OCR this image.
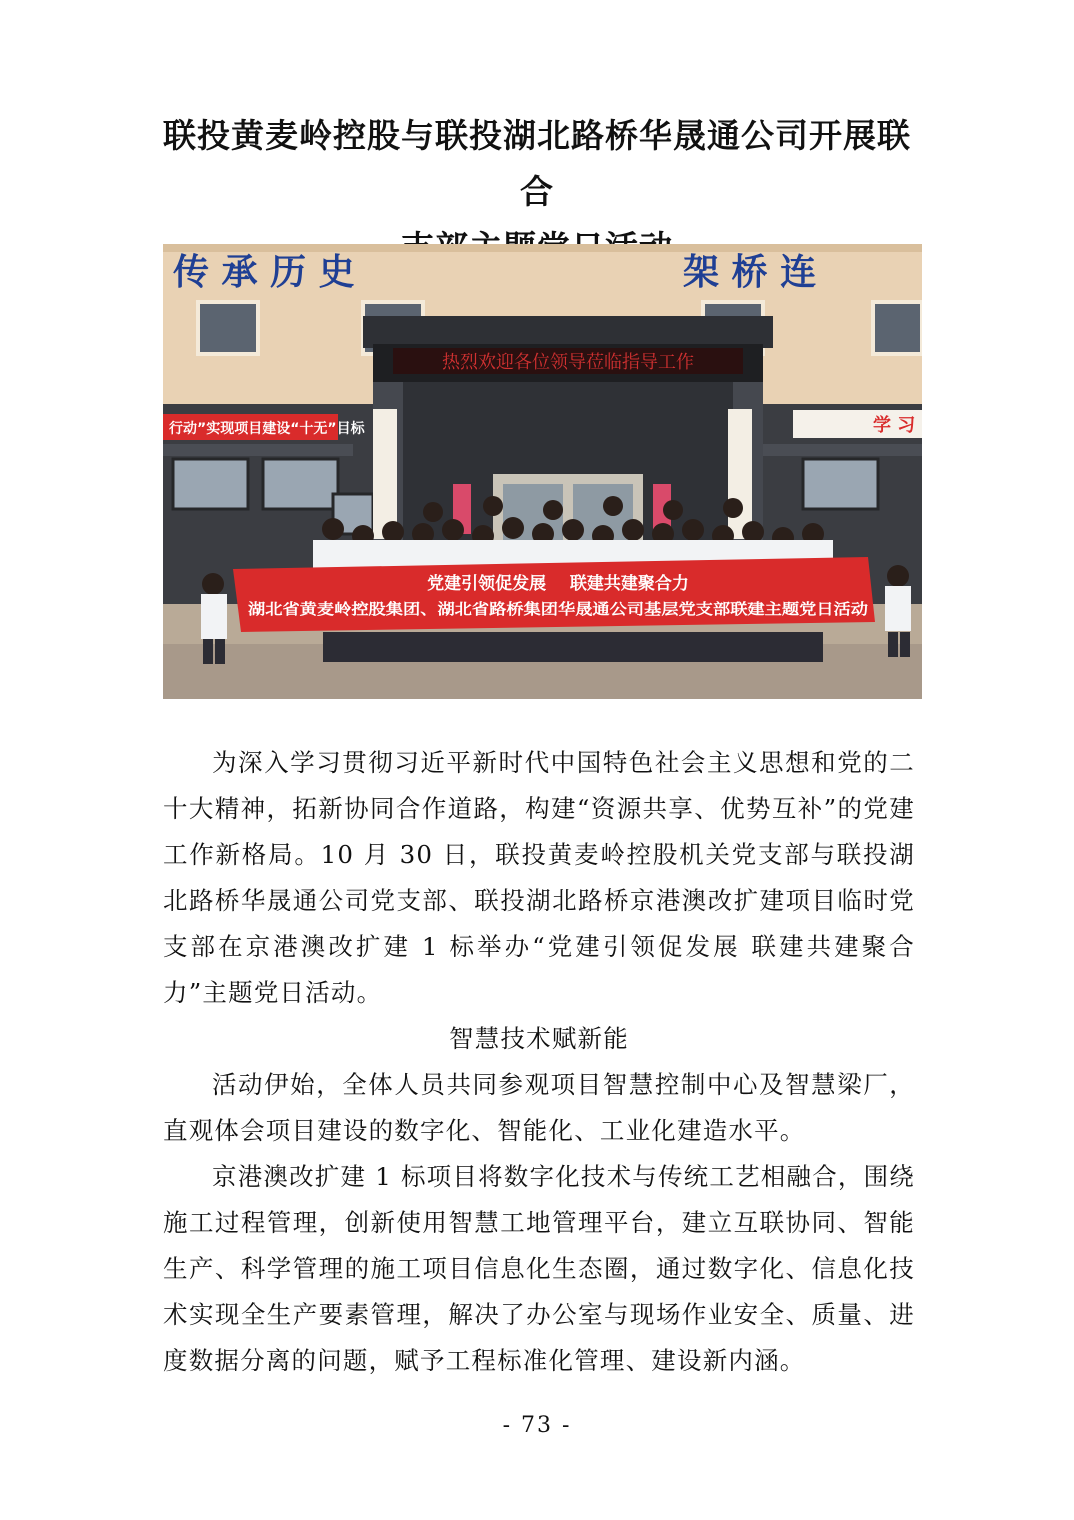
联投黄麦岭控股与联投湖北路桥华晟通公司开展联合

传 承 历 史	架 桥 连
热烈欢迎各位领导莅临指导工作
行动”实现项目建设“十无”目标	学 习
党建引领促发展    联建共建聚合力
湖北省黄麦岭控股集团、湖北省路桥集团华晟通公司基层党支部联建主题党日活动

为深入学习贯彻习近平新时代中国特色社会主义思想和党的二十大精神，拓新协同合作道路，构建“资源共享、优势互补”的党建工作新格局。10 月 30 日，联投黄麦岭控股机关党支部与联投湖北路桥华晟通公司党支部、联投湖北路桥京港澳改扩建项目临时党支部在京港澳改扩建 1 标举办“党建引领促发展 联建共建聚合力”主题党日活动。

智慧技术赋新能

活动伊始，全体人员共同参观项目智慧控制中心及智慧梁厂，直观体会项目建设的数字化、智能化、工业化建造水平。

京港澳改扩建 1 标项目将数字化技术与传统工艺相融合，围绕施工过程管理，创新使用智慧工地管理平台，建立互联协同、智能生产、科学管理的施工项目信息化生态圈，通过数字化、信息化技术实现全生产要素管理，解决了办公室与现场作业安全、质量、进度数据分离的问题，赋予工程标准化管理、建设新内涵。

- 73 -
